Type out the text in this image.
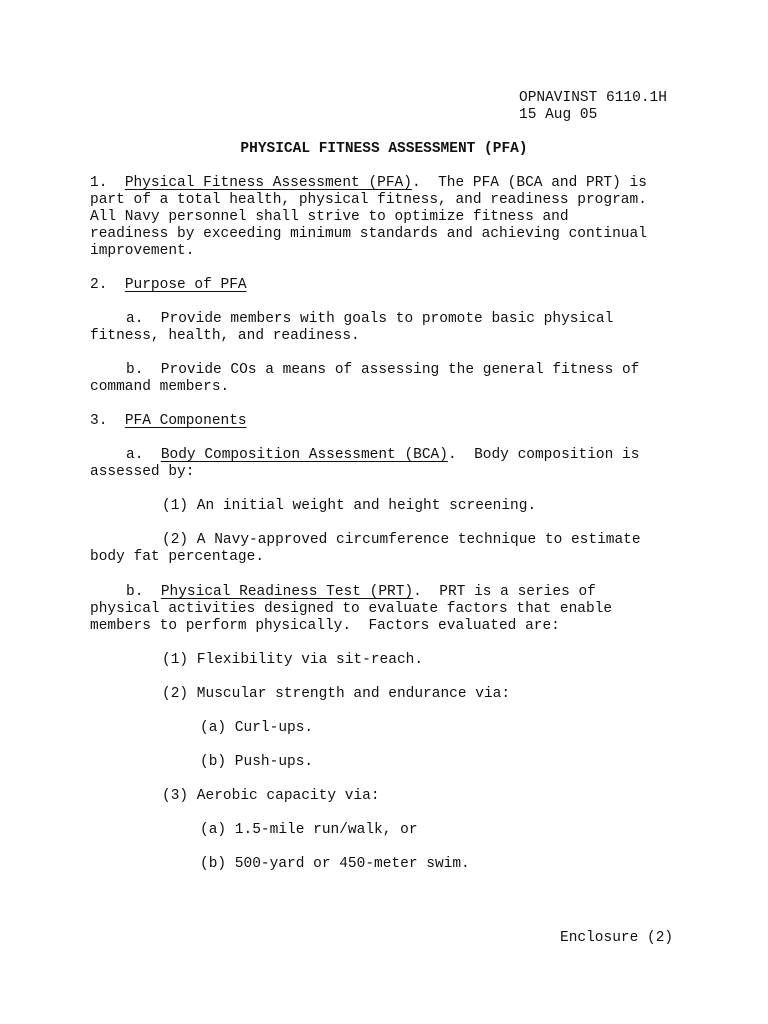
OPNAVINST 6110.1H

15 Aug 05

PHYSICAL FITNESS ASSESSMENT (PFA)

1. Physical Fitness Assessment (PFA).  The PFA (BCA and PRT) is

part of a total health, physical fitness, and readiness program.

All Navy personnel shall strive to optimize fitness and

readiness by exceeding minimum standards and achieving continual

improvement.

2. Purpose of PFA

a.  Provide members with goals to promote basic physical

fitness, health, and readiness.

b.  Provide COs a means of assessing the general fitness of

command members.

3. PFA Components

a. Body Composition Assessment (BCA).  Body composition is

assessed by:

(1) An initial weight and height screening.

(2) A Navy-approved circumference technique to estimate

body fat percentage.

b. Physical Readiness Test (PRT).  PRT is a series of

physical activities designed to evaluate factors that enable

members to perform physically.  Factors evaluated are:

(1) Flexibility via sit-reach.

(2) Muscular strength and endurance via:

(a) Curl-ups.

(b) Push-ups.

(3) Aerobic capacity via:

(a) 1.5-mile run/walk, or

(b) 500-yard or 450-meter swim.

Enclosure (2)
